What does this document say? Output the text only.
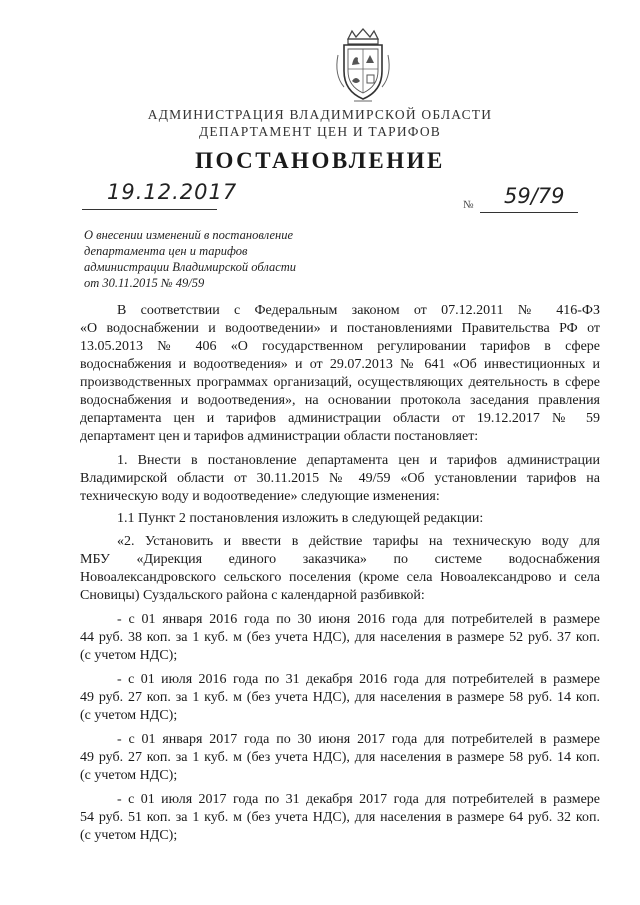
АДМИНИСТРАЦИЯ ВЛАДИМИРСКОЙ ОБЛАСТИ
ДЕПАРТАМЕНТ ЦЕН И ТАРИФОВ
ПОСТАНОВЛЕНИЕ
19.12.2017
№ 59/79
О внесении изменений в постановление
департамента цен и тарифов
администрации Владимирской области
от 30.11.2015 № 49/59
В соответствии с Федеральным законом от 07.12.2011 № 416-ФЗ
«О водоснабжении и водоотведении» и постановлениями Правительства РФ от
13.05.2013 № 406 «О государственном регулировании тарифов в сфере
водоснабжения и водоотведения» и от 29.07.2013 № 641 «Об инвестиционных и
производственных программах организаций, осуществляющих деятельность в сфере
водоснабжения и водоотведения», на основании протокола заседания правления
департамента цен и тарифов администрации области от 19.12.2017 № 59
департамент цен и тарифов администрации области постановляет:
1. Внести в постановление департамента цен и тарифов администрации
Владимирской области от 30.11.2015 № 49/59 «Об установлении тарифов на
техническую воду и водоотведение» следующие изменения:
1.1 Пункт 2 постановления изложить в следующей редакции:
«2. Установить и ввести в действие тарифы на техническую воду для
МБУ «Дирекция единого заказчика» по системе водоснабжения
Новоалександровского сельского поселения (кроме села Новоалександрово и села
Сновицы) Суздальского района с календарной разбивкой:
- с 01 января 2016 года по 30 июня 2016 года для потребителей в размере
44 руб. 38 коп. за 1 куб. м (без учета НДС), для населения в размере 52 руб. 37 коп.
(с учетом НДС);
- с 01 июля 2016 года по 31 декабря 2016 года для потребителей в размере
49 руб. 27 коп. за 1 куб. м (без учета НДС), для населения в размере 58 руб. 14 коп.
(с учетом НДС);
- с 01 января 2017 года по 30 июня 2017 года для потребителей в размере
49 руб. 27 коп. за 1 куб. м (без учета НДС), для населения в размере 58 руб. 14 коп.
(с учетом НДС);
- с 01 июля 2017 года по 31 декабря 2017 года для потребителей в размере
54 руб. 51 коп. за 1 куб. м (без учета НДС), для населения в размере 64 руб. 32 коп.
(с учетом НДС);
